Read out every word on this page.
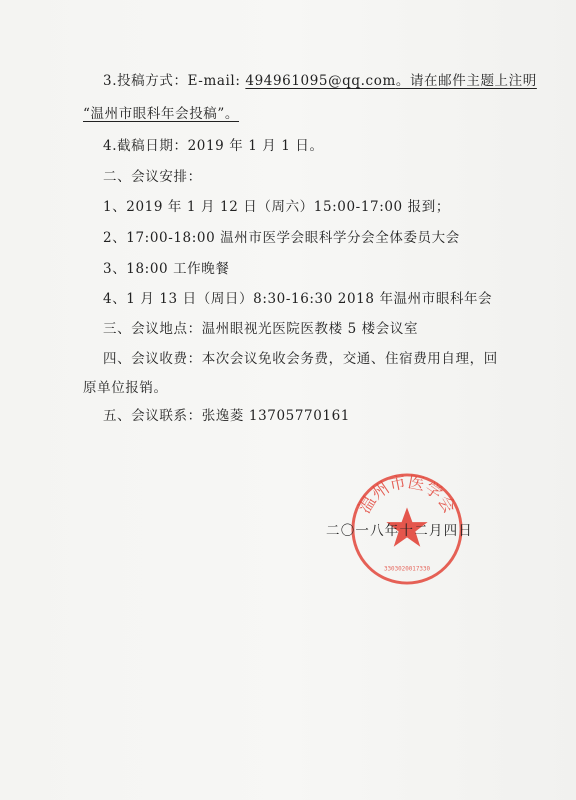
3.投稿方式：E-mail: 494961095@qq.com。请在邮件主题上注明
“温州市眼科年会投稿”。
4.截稿日期：2019 年 1 月 1 日。
二、会议安排：
1、2019 年 1 月 12 日（周六）15:00-17:00 报到；
2、17:00-18:00 温州市医学会眼科学分会全体委员大会
3、18:00 工作晚餐
4、1 月 13 日（周日）8:30-16:30 2018 年温州市眼科年会
三、会议地点：温州眼视光医院医教楼 5 楼会议室
四、会议收费：本次会议免收会务费，交通、住宿费用自理，回
原单位报销。
五、会议联系：张逸菱 13705770161
温州市医学会
3303020017330
二〇一八年十二月四日
